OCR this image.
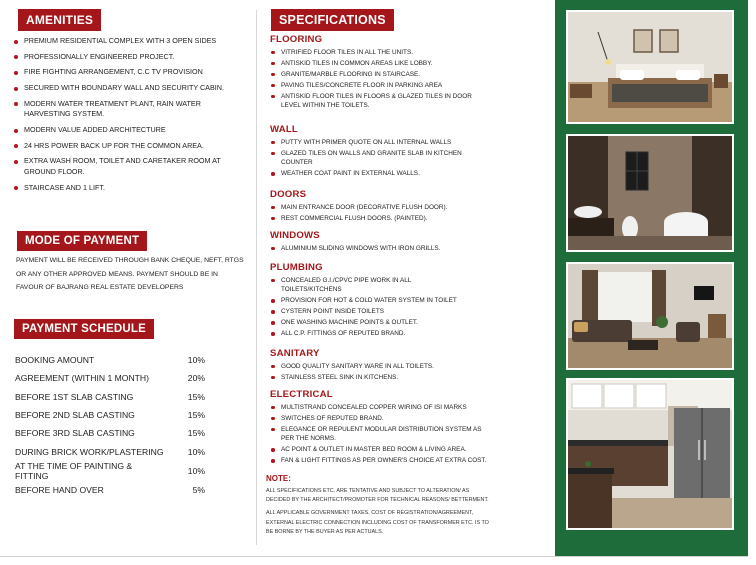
AMENITIES
PREMIUM RESIDENTIAL COMPLEX WITH 3 OPEN SIDES
PROFESSIONALLY ENGINEERED PROJECT.
FIRE FIGHTING ARRANGEMENT, C.C TV PROVISION
SECURED WITH BOUNDARY WALL AND SECURITY CABIN.
MODERN WATER TREATMENT PLANT, RAIN WATER HARVESTING SYSTEM.
MODERN VALUE ADDED ARCHITECTURE
24 HRS POWER BACK UP FOR THE COMMON AREA.
EXTRA WASH ROOM, TOILET AND CARETAKER ROOM AT GROUND FLOOR.
STAIRCASE AND 1 LIFT.
MODE OF PAYMENT

PAYMENT WILL BE RECEIVED THROUGH BANK CHEQUE, NEFT, RTGS OR ANY OTHER APPROVED MEANS. PAYMENT SHOULD BE IN FAVOUR OF BAJRANG REAL ESTATE DEVELOPERS

PAYMENT SCHEDULE
BOOKING AMOUNT	10%
AGREEMENT (WITHIN 1 MONTH)	20%
BEFORE 1ST SLAB CASTING	15%
BEFORE 2ND SLAB CASTING	15%
BEFORE 3RD SLAB CASTING	15%
DURING BRICK WORK/PLASTERING	10%
AT THE TIME OF PAINTING & FITTING	10%
BEFORE HAND OVER	5%
SPECIFICATIONS
FLOORING
VITRIFIED FLOOR TILES IN ALL THE UNITS.
ANTISKID TILES IN COMMON AREAS LIKE LOBBY.
GRANITE/MARBLE FLOORING IN STAIRCASE.
PAVING TILES/CONCRETE FLOOR IN PARKING AREA
ANTISKID FLOOR TILES IN FLOORS & GLAZED TILES IN DOOR LEVEL WITHIN THE TOILETS.
WALL
PUTTY WITH PRIMER QUOTE ON ALL INTERNAL WALLS
GLAZED TILES ON WALLS AND GRANITE SLAB IN KITCHEN COUNTER
WEATHER COAT PAINT IN EXTERNAL WALLS.
DOORS
MAIN ENTRANCE DOOR (DECORATIVE FLUSH DOOR).
REST COMMERCIAL FLUSH DOORS. (PAINTED).
WINDOWS
ALUMINIUM SLIDING WINDOWS WITH IRON GRILLS.
PLUMBING
CONCEALED G.I./CPVC PIPE WORK IN ALL TOILETS/KITCHENS
PROVISION FOR HOT & COLD WATER SYSTEM IN TOILET
CYSTERN POINT INSIDE TOILETS
ONE WASHING MACHINE POINTS & OUTLET.
ALL C.P. FITTINGS OF REPUTED BRAND.
SANITARY
GOOD QUALITY SANITARY WARE IN ALL TOILETS.
STAINLESS STEEL SINK IN KITCHENS.
ELECTRICAL
MULTISTRAND CONCEALED COPPER WIRING OF ISI MARKS
SWITCHES OF REPUTED BRAND.
ELEGANCE OR REPULENT MODULAR DISTRIBUTION SYSTEM AS PER THE NORMS.
AC POINT & OUTLET IN MASTER BED ROOM & LIVING AREA.
FAN & LIGHT FITTINGS AS PER OWNER'S CHOICE AT EXTRA COST.
NOTE:

ALL SPECIFICATIONS ETC. ARE TENTATIVE AND SUBJECT TO ALTERATION/ AS DECIDED BY THE ARCHITECT/PROMOTER FOR TECHNICAL REASONS/ BETTERMENT.

ALL APPLICABLE GOVERNMENT TAXES, COST OF REGISTRATION/AGREEMENT, EXTERNAL ELECTRIC CONNECTION INCLUDING COST OF TRANSFORMER ETC. IS TO BE BORNE BY THE BUYER AS PER ACTUALS.
